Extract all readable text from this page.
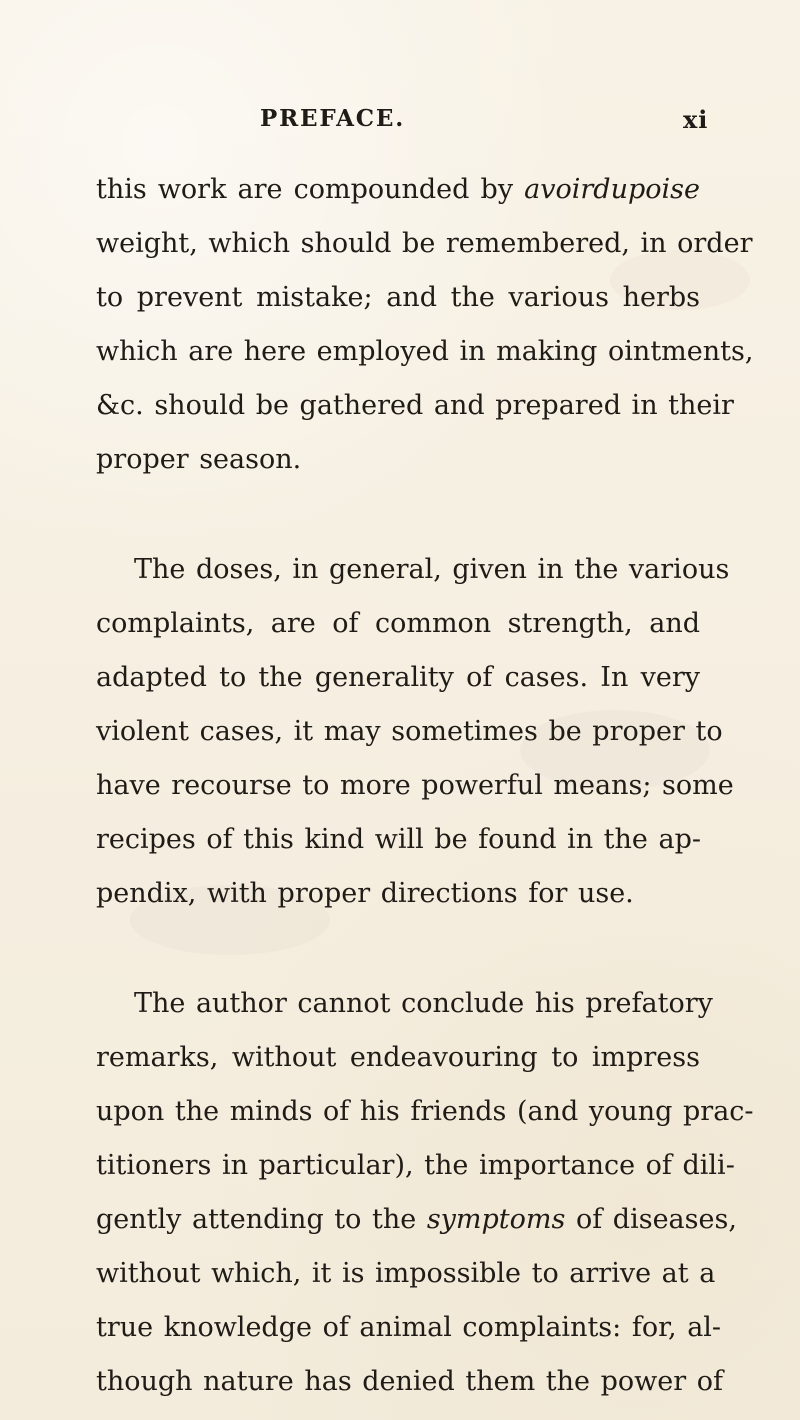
PREFACE.	xi
this work are compounded by avoirdupoise
weight, which should be remembered, in order
to prevent mistake; and the various herbs
which are here employed in making ointments,
&c. should be gathered and prepared in their
proper season.
The doses, in general, given in the various
complaints, are of common strength, and
adapted to the generality of cases. In very
violent cases, it may sometimes be proper to
have recourse to more powerful means; some
recipes of this kind will be found in the ap-
pendix, with proper directions for use.
The author cannot conclude his prefatory
remarks, without endeavouring to impress
upon the minds of his friends (and young prac-
titioners in particular), the importance of dili-
gently attending to the symptoms of diseases,
without which, it is impossible to arrive at a
true knowledge of animal complaints: for, al-
though nature has denied them the power of
